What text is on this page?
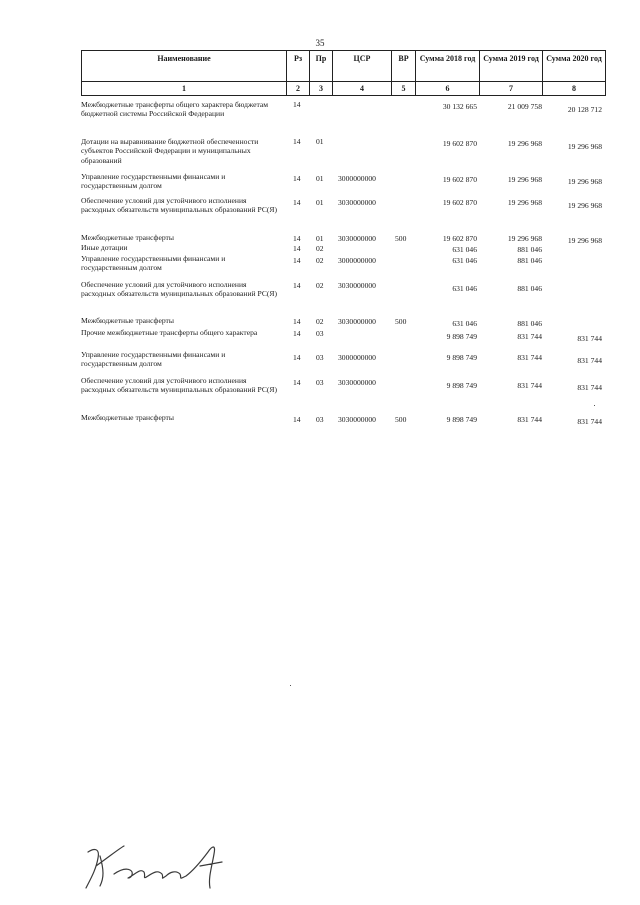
35
Наименование	Рз	Пр	ЦСР	ВР	Сумма 2018 год Сумма 2019 год Сумма 2020 год
1	2	3	4	5	6	7	8
Межбюджетные трансферты общего характера бюджетам бюджетной системы Российской Федерации
14	30 132 665	21 009 758	20 128 712
Дотации на выравнивание бюджетной обеспеченности субъектов Российской Федерации и муниципальных образований
14 01	19 602 870	19 296 968	19 296 968
Управление государственными финансами и государственным долгом
14 01 3000000000	19 602 870	19 296 968	19 296 968
Обеспечение условий для устойчивого исполнения расходных обязательств муниципальных образований РС(Я)
14 01 3030000000	19 602 870	19 296 968	19 296 968
Межбюджетные трансферты	14 01 3030000000	500	19 602 870	19 296 968	19 296 968
Иные дотации	14 02	631 046	881 046
Управление государственными финансами и государственным долгом
14 02 3000000000	631 046	881 046
Обеспечение условий для устойчивого исполнения расходных обязательств муниципальных образований РС(Я)
14 02 3030000000	631 046	881 046
Межбюджетные трансферты	14 02 3030000000	500	631 046	881 046
Прочие межбюджетные трансферты общего характера	14 03	9 898 749	831 744	831 744
Управление государственными финансами и государственным долгом
14 03 3000000000	9 898 749	831 744	831 744
Обеспечение условий для устойчивого исполнения расходных обязательств муниципальных образований РС(Я)
14 03 3030000000	9 898 749	831 744	831 744
Межбюджетные трансферты	14 03 3030000000	500	9 898 749	831 744	831 744
